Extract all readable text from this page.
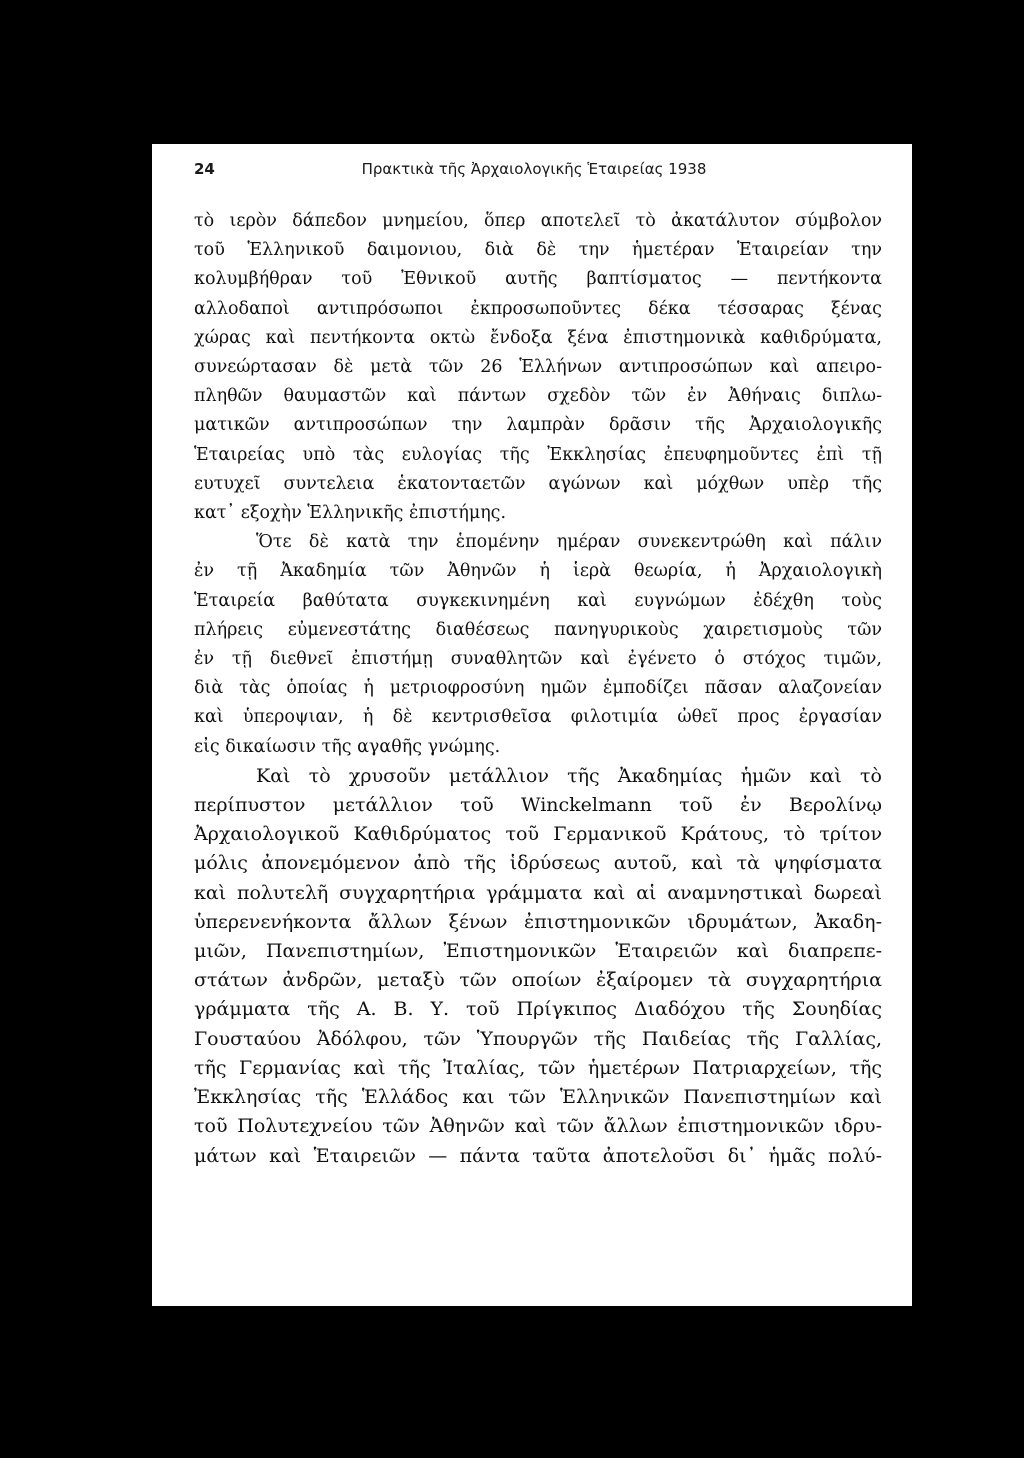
24	Πρακτικὰ τῆς Ἀρχαιολογικῆς Ἑταιρείας 1938

τὸ ιερὸν δάπεδον μνημείου, ὅπερ αποτελεῖ τὸ ἀκατάλυτον σύμβολον
τοῦ Ἑλληνικοῦ δαιμονιου, διὰ δὲ την ἡμετέραν Ἑταιρείαν την
κολυμβήθραν τοῦ Ἐθνικοῦ αυτῆς βαπτίσματος — πεντήκοντα
αλλοδαποὶ αντιπρόσωποι ἐκπροσωποῦντες δέκα τέσσαρας ξένας
χώρας καὶ πεντήκοντα οκτὼ ἔνδοξα ξένα ἐπιστημονικὰ καθιδρύματα,
συνεώρτασαν δὲ μετὰ τῶν 26 Ἑλλήνων αντιπροσώπων καὶ απειρο-
πληθῶν θαυμαστῶν καὶ πάντων σχεδὸν τῶν ἐν Ἀθήναις διπλω-
ματικῶν αντιπροσώπων την λαμπρὰν δρᾶσιν τῆς Ἀρχαιολογικῆς
Ἑταιρείας υπὸ τὰς ευλογίας τῆς Ἐκκλησίας ἐπευφημοῦντες ἐπὶ τῇ
ευτυχεῖ συντελεια ἑκατονταετῶν αγώνων καὶ μόχθων υπὲρ τῆς
κατ᾿ εξοχὴν Ἑλληνικῆς ἐπιστήμης.

Ὅτε δὲ κατὰ την ἑπομένην ημέραν συνεκεντρώθη καὶ πάλιν
ἐν τῇ Ἀκαδημία τῶν Ἀθηνῶν ἡ ἱερὰ θεωρία, ἡ Ἀρχαιολογικὴ
Ἑταιρεία βαθύτατα συγκεκινημένη καὶ ευγνώμων ἐδέχθη τοὺς
πλήρεις εὐμενεστάτης διαθέσεως πανηγυρικοὺς χαιρετισμοὺς τῶν
ἐν τῇ διεθνεῖ ἐπιστήμῃ συναθλητῶν καὶ ἐγένετο ὁ στόχος τιμῶν,
διὰ τὰς ὁποίας ἡ μετριοφροσύνη ημῶν ἐμποδίζει πᾶσαν αλαζονείαν
καὶ ὑπεροψιαν, ἡ δὲ κεντρισθεῖσα φιλοτιμία ὠθεῖ προς ἐργασίαν
εἰς δικαίωσιν τῆς αγαθῆς γνώμης.

Καὶ τὸ χρυσοῦν μετάλλιον τῆς Ἀκαδημίας ἡμῶν καὶ τὸ
περίπυστον μετάλλιον τοῦ Winckelmann τοῦ ἐν Βερολίνῳ
Ἀρχαιολογικοῦ Καθιδρύματος τοῦ Γερμανικοῦ Κράτους, τὸ τρίτον
μόλις ἀπονεμόμενον ἀπὸ τῆς ἱδρύσεως αυτοῦ, καὶ τὰ ψηφίσματα
καὶ πολυτελῆ συγχαρητήρια γράμματα καὶ αἱ αναμνηστικαὶ δωρεαὶ
ὑπερενενήκοντα ἄλλων ξένων ἐπιστημονικῶν ιδρυμάτων, Ἀκαδη-
μιῶν, Πανεπιστημίων, Ἐπιστημονικῶν Ἑταιρειῶν καὶ διαπρεπε-
στάτων ἀνδρῶν, μεταξὺ τῶν οποίων ἐξαίρομεν τὰ συγχαρητήρια
γράμματα τῆς Α. Β. Υ. τοῦ Πρίγκιπος Διαδόχου τῆς Σουηδίας
Γουσταύου Ἀδόλφου, τῶν Ὑπουργῶν τῆς Παιδείας τῆς Γαλλίας,
τῆς Γερμανίας καὶ τῆς Ἰταλίας, τῶν ἡμετέρων Πατριαρχείων, τῆς
Ἐκκλησίας τῆς Ἑλλάδος και τῶν Ἑλληνικῶν Πανεπιστημίων καὶ
τοῦ Πολυτεχνείου τῶν Ἀθηνῶν καὶ τῶν ἄλλων ἐπιστημονικῶν ιδρυ-
μάτων καὶ Ἑταιρειῶν — πάντα ταῦτα ἀποτελοῦσι δι᾿ ἡμᾶς πολύ-
